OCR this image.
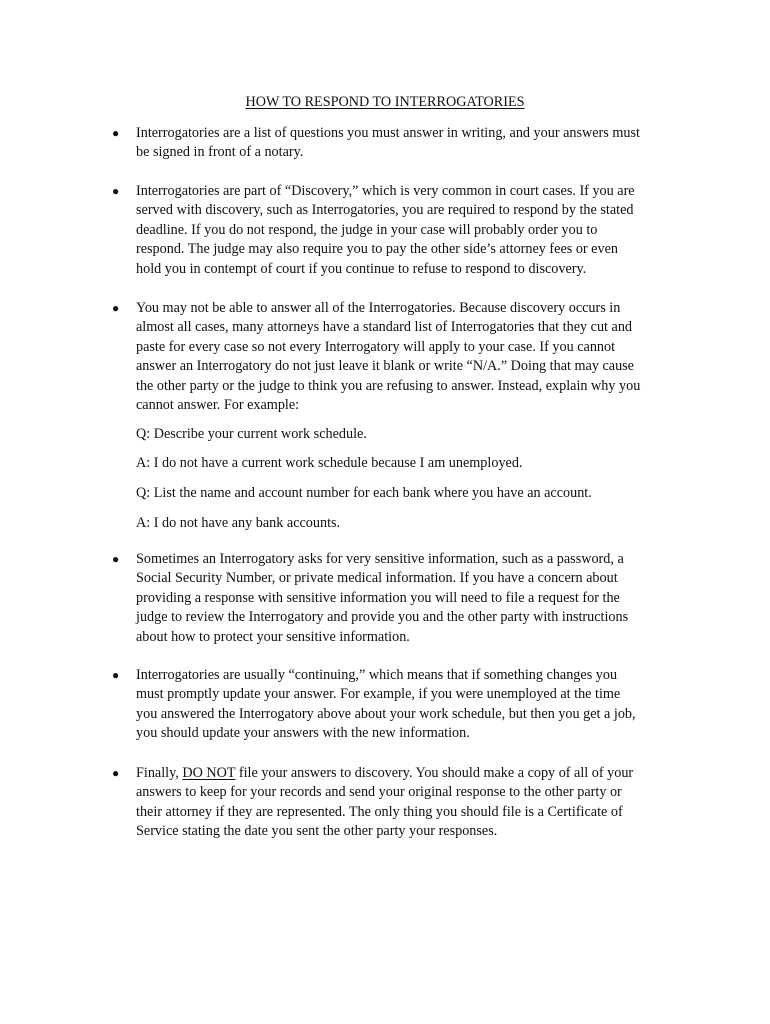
HOW TO RESPOND TO INTERROGATORIES
● Interrogatories are a list of questions you must answer in writing, and your answers must
be signed in front of a notary.
● Interrogatories are part of “Discovery,” which is very common in court cases. If you are
served with discovery, such as Interrogatories, you are required to respond by the stated
deadline. If you do not respond, the judge in your case will probably order you to
respond. The judge may also require you to pay the other side’s attorney fees or even
hold you in contempt of court if you continue to refuse to respond to discovery.
● You may not be able to answer all of the Interrogatories. Because discovery occurs in
almost all cases, many attorneys have a standard list of Interrogatories that they cut and
paste for every case so not every Interrogatory will apply to your case. If you cannot
answer an Interrogatory do not just leave it blank or write “N/A.” Doing that may cause
the other party or the judge to think you are refusing to answer. Instead, explain why you
cannot answer. For example:
Q: Describe your current work schedule.
A: I do not have a current work schedule because I am unemployed.
Q: List the name and account number for each bank where you have an account.
A: I do not have any bank accounts.
● Sometimes an Interrogatory asks for very sensitive information, such as a password, a
Social Security Number, or private medical information. If you have a concern about
providing a response with sensitive information you will need to file a request for the
judge to review the Interrogatory and provide you and the other party with instructions
about how to protect your sensitive information.
● Interrogatories are usually “continuing,” which means that if something changes you
must promptly update your answer. For example, if you were unemployed at the time
you answered the Interrogatory above about your work schedule, but then you get a job,
you should update your answers with the new information.
● Finally, DO NOT file your answers to discovery. You should make a copy of all of your
answers to keep for your records and send your original response to the other party or
their attorney if they are represented. The only thing you should file is a Certificate of
Service stating the date you sent the other party your responses.
